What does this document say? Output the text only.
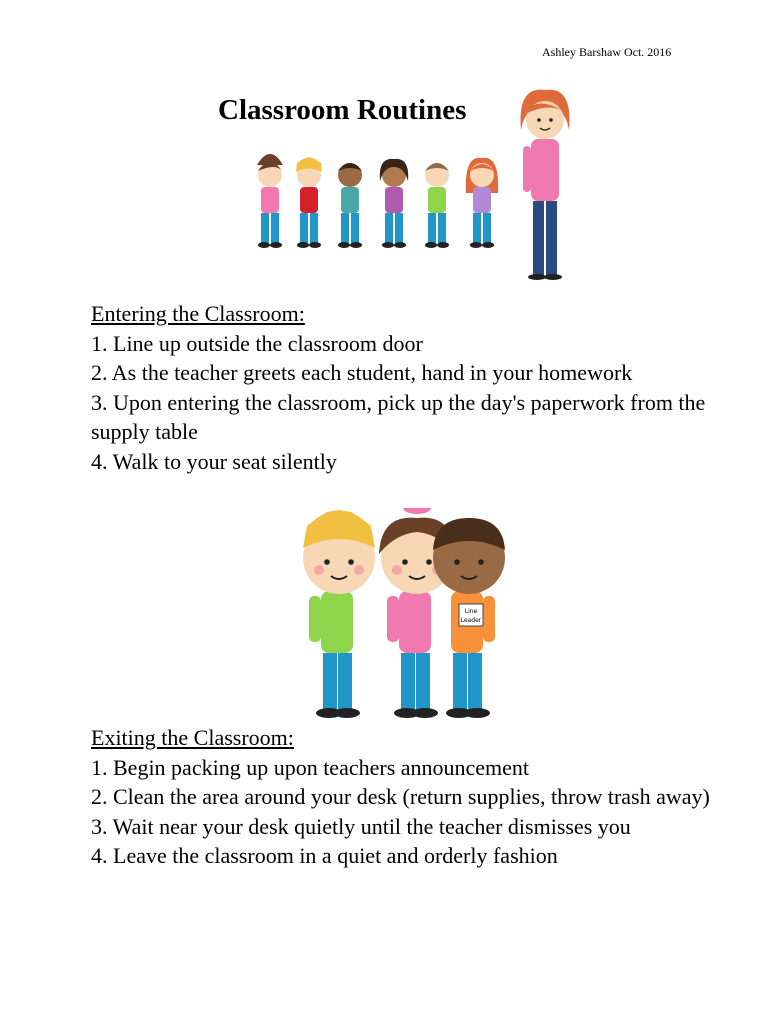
Ashley Barshaw Oct. 2016
Classroom Routines
Entering the Classroom:
1. Line up outside the classroom door
2. As the teacher greets each student, hand in your homework
3. Upon entering the classroom, pick up the day's paperwork from the supply table
4. Walk to your seat silently
Line
Leader
Exiting the Classroom:
1. Begin packing up upon teachers announcement
2. Clean the area around your desk (return supplies, throw trash away)
3. Wait near your desk quietly until the teacher dismisses you
4. Leave the classroom in a quiet and orderly fashion
